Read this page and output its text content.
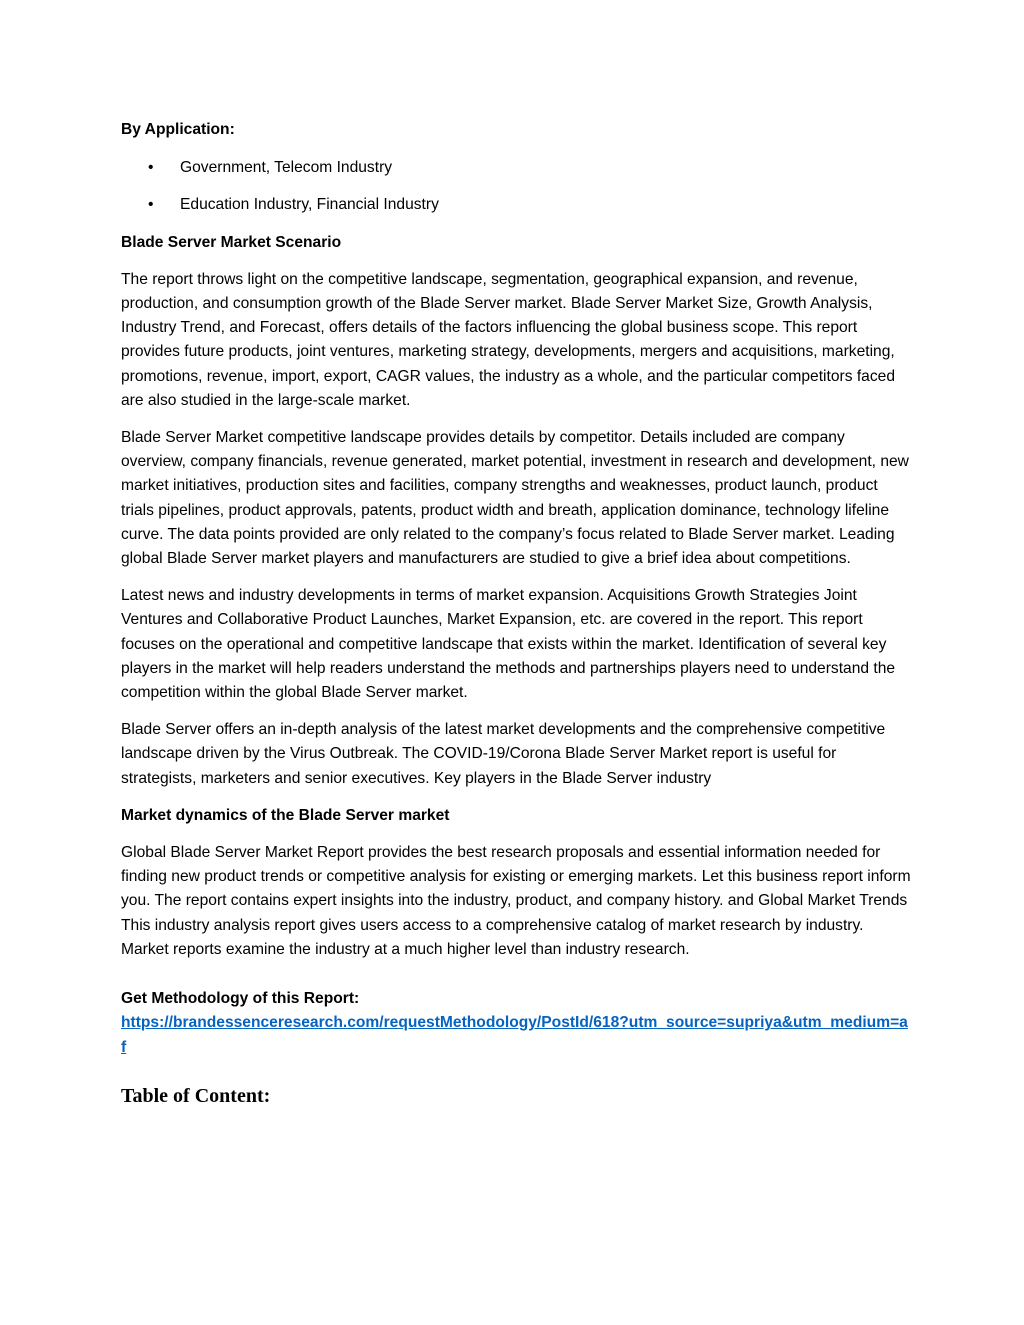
By Application:

• Government, Telecom Industry
• Education Industry, Financial Industry

Blade Server Market Scenario

The report throws light on the competitive landscape, segmentation, geographical expansion, and revenue, production, and consumption growth of the Blade Server market. Blade Server Market Size, Growth Analysis, Industry Trend, and Forecast, offers details of the factors influencing the global business scope. This report provides future products, joint ventures, marketing strategy, developments, mergers and acquisitions, marketing, promotions, revenue, import, export, CAGR values, the industry as a whole, and the particular competitors faced are also studied in the large-scale market.

Blade Server Market competitive landscape provides details by competitor. Details included are company overview, company financials, revenue generated, market potential, investment in research and development, new market initiatives, production sites and facilities, company strengths and weaknesses, product launch, product trials pipelines, product approvals, patents, product width and breath, application dominance, technology lifeline curve. The data points provided are only related to the company’s focus related to Blade Server market. Leading global Blade Server market players and manufacturers are studied to give a brief idea about competitions.

Latest news and industry developments in terms of market expansion. Acquisitions Growth Strategies Joint Ventures and Collaborative Product Launches, Market Expansion, etc. are covered in the report. This report focuses on the operational and competitive landscape that exists within the market. Identification of several key players in the market will help readers understand the methods and partnerships players need to understand the competition within the global Blade Server market.

Blade Server offers an in-depth analysis of the latest market developments and the comprehensive competitive landscape driven by the Virus Outbreak. The COVID-19/Corona Blade Server Market report is useful for strategists, marketers and senior executives. Key players in the Blade Server industry

Market dynamics of the Blade Server market

Global Blade Server Market Report provides the best research proposals and essential information needed for finding new product trends or competitive analysis for existing or emerging markets. Let this business report inform you. The report contains expert insights into the industry, product, and company history. and Global Market Trends This industry analysis report gives users access to a comprehensive catalog of market research by industry. Market reports examine the industry at a much higher level than industry research.

Get Methodology of this Report:

https://brandessenceresearch.com/requestMethodology/PostId/618?utm_source=supriya&utm_medium=af
Table of Content:
